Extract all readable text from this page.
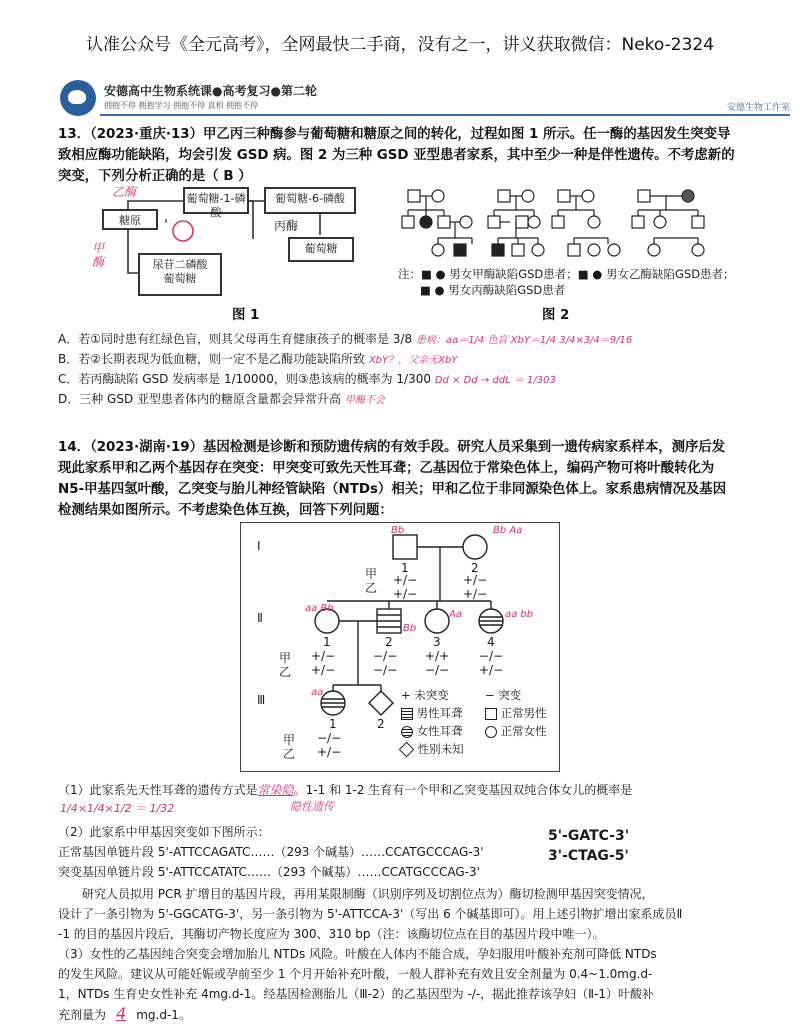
认准公众号《全元高考》，全网最快二手商，没有之一，讲义获取微信：Neko-2324
安德高中生物系统课●高考复习●第二轮
拥抱不停 拥抱学习 拥抱不停 真相 拥抱不停	安德生物工作室
13．（2023·重庆·13）甲乙丙三种酶参与葡萄糖和糖原之间的转化，过程如图 1 所示。任一酶的基因发生突变导
致相应酶功能缺陷，均会引发 GSD 病。图 2 为三种 GSD 亚型患者家系，其中至少一种是伴性遗传。不考虑新的
突变，下列分析正确的是（ B ）
葡萄糖-1-磷酸
葡萄糖-6-磷酸
糖原
尿苷二磷酸
葡萄糖
葡萄糖
乙酶
甲酶
丙酶
图 1
注：■ ● 男女甲酶缺陷GSD患者；■ ● 男女乙酶缺陷GSD患者；
■ ● 男女丙酶缺陷GSD患者
图 2
A．若①同时患有红绿色盲，则其父母再生育健康孩子的概率是 3/8 患病：aa＝1/4 色盲 XbY＝1/4 3/4×3/4＝9/16
B．若②长期表现为低血糖，则一定不是乙酶功能缺陷所致 XbY？，父亲无XbY
C．若丙酶缺陷 GSD 发病率是 1/10000，则③患该病的概率为 1/300 Dd × Dd → ddL ＝ 1/303
D．三种 GSD 亚型患者体内的糖原含量都会异常升高 甲酶不会
14．（2023·湖南·19）基因检测是诊断和预防遗传病的有效手段。研究人员采集到一遗传病家系样本，测序后发
现此家系甲和乙两个基因存在突变：甲突变可致先天性耳聋；乙基因位于常染色体上，编码产物可将叶酸转化为
N5-甲基四氢叶酸，乙突变与胎儿神经管缺陷（NTDs）相关；甲和乙位于非同源染色体上。家系患病情况及基因
检测结果如图所示。不考虑染色体互换，回答下列问题：
Ⅰ
Ⅱ
Ⅲ
1	2
甲
乙
+/−
+/−
+/−
+/−
1	2	3	4
甲
乙
+/−
+/−
−/−
−/−
+/+
−/−
−/−
+/−
1	2
甲
乙
−/−
+/−
Bb	Bb Aa
aa Bb
Bb
Aa	aa bb
aa	+ 未突变	− 突变
男性耳聋	正常男性
女性耳聋	正常女性
性别未知
（1）此家系先天性耳聋的遗传方式是常染隐。1-1 和 1-2 生育有一个甲和乙突变基因双纯合体女儿的概率是
隐性遗传
1/4×1/4×1/2 ＝ 1/32
（2）此家系中甲基因突变如下图所示：
正常基因单链片段 5'-ATTCCAGATC……（293 个碱基）……CCATGCCCAG-3'
突变基因单链片段 5'-ATTCCATATC……（293 个碱基）……CCATGCCCAG-3'
5'-GATC-3'
3'-CTAG-5'
研究人员拟用 PCR 扩增目的基因片段，再用某限制酶（识别序列及切割位点为）酶切检测甲基因突变情况，
设计了一条引物为 5'-GGCATG-3'，另一条引物为 5'-ATTCCA-3'（写出 6 个碱基即可）。用上述引物扩增出家系成员Ⅱ
-1 的目的基因片段后，其酶切产物长度应为 300、310 bp（注：该酶切位点在目的基因片段中唯一）。
（3）女性的乙基因纯合突变会增加胎儿 NTDs 风险。叶酸在人体内不能合成，孕妇服用叶酸补充剂可降低 NTDs
的发生风险。建议从可能妊娠或孕前至少 1 个月开始补充叶酸，一般人群补充有效且安全剂量为 0.4~1.0mg.d-
1，NTDs 生育史女性补充 4mg.d-1。经基因检测胎儿（Ⅲ-2）的乙基因型为 -/-，据此推荐该孕妇（Ⅱ-1）叶酸补
充剂量为 4 mg.d-1。
